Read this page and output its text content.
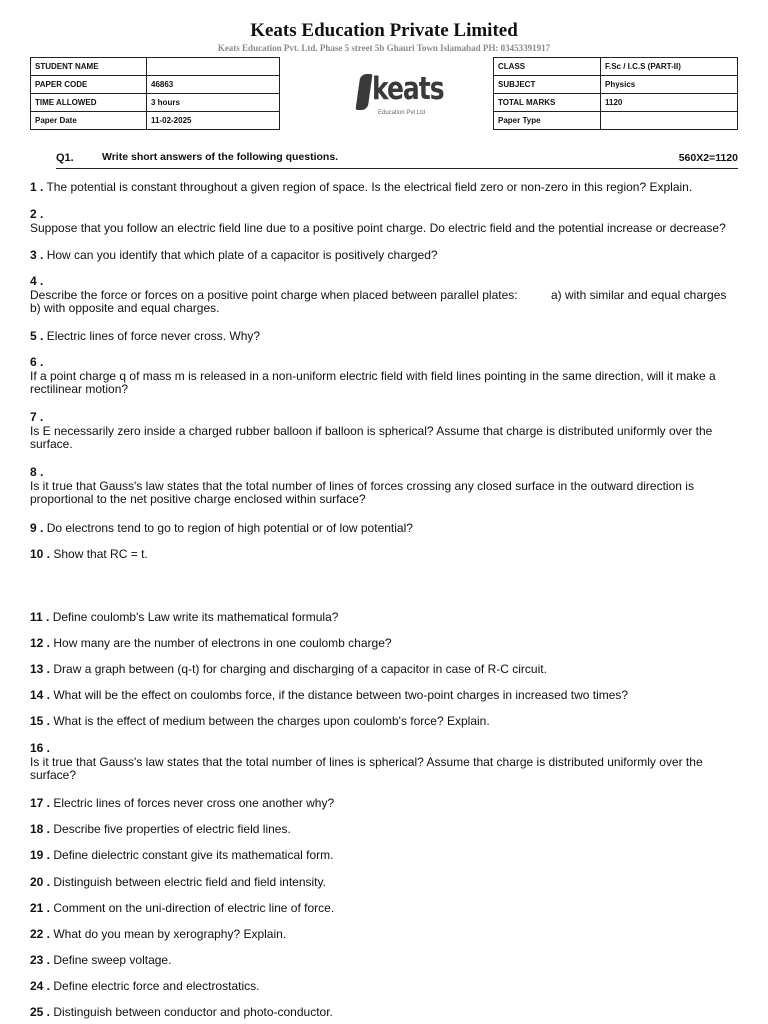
Keats Education Private Limited
Keats Education Pvt. Ltd. Phase 5 street 5b Ghauri Town Islamabad PH: 03453391917
STUDENT NAME	
PAPER CODE	46863
TIME ALLOWED	3 hours
Paper Date	11-02-2025
keats
Education Pvt Ltd
CLASS	F.Sc / I.C.S (PART-II)
SUBJECT	Physics
TOTAL MARKS	1120
Paper Type	
Q1.	Write short answers of the following questions.	560X2=1120
1 . The potential is constant throughout a given region of space. Is the electrical field zero or non-zero in this region? Explain.
2 .
Suppose that you follow an electric field line due to a positive point charge. Do electric field and the potential increase or decrease?
3 . How can you identify that which plate of a capacitor is positively charged?
4 .
Describe the force or forces on a positive point charge when placed between parallel plates:          a) with similar and equal charges b) with opposite and equal charges.
5 . Electric lines of force never cross. Why?
6 .
If a point charge q of mass m is released in a non-uniform electric field with field lines pointing in the same direction, will it make a rectilinear motion?
7 .
Is E necessarily zero inside a charged rubber balloon if balloon is spherical? Assume that charge is distributed uniformly over the surface.
8 .
Is it true that Gauss's law states that the total number of lines of forces crossing any closed surface in the outward direction is proportional to the net positive charge enclosed within surface?
9 . Do electrons tend to go to region of high potential or of low potential?
10 . Show that RC = t.
11 . Define coulomb's Law write its mathematical formula?
12 . How many are the number of electrons in one coulomb charge?
13 . Draw a graph between (q-t) for charging and discharging of a capacitor in case of R-C circuit.
14 . What will be the effect on coulombs force, if the distance between two-point charges in increased two times?
15 . What is the effect of medium between the charges upon coulomb's force? Explain.
16 .
Is it true that Gauss's law states that the total number of lines is spherical? Assume that charge is distributed uniformly over the surface?
17 . Electric lines of forces never cross one another why?
18 . Describe five properties of electric field lines.
19 . Define dielectric constant give its mathematical form.
20 . Distinguish between electric field and field intensity.
21 . Comment on the uni-direction of electric line of force.
22 . What do you mean by xerography? Explain.
23 . Define sweep voltage.
24 . Define electric force and electrostatics.
25 . Distinguish between conductor and photo-conductor.
